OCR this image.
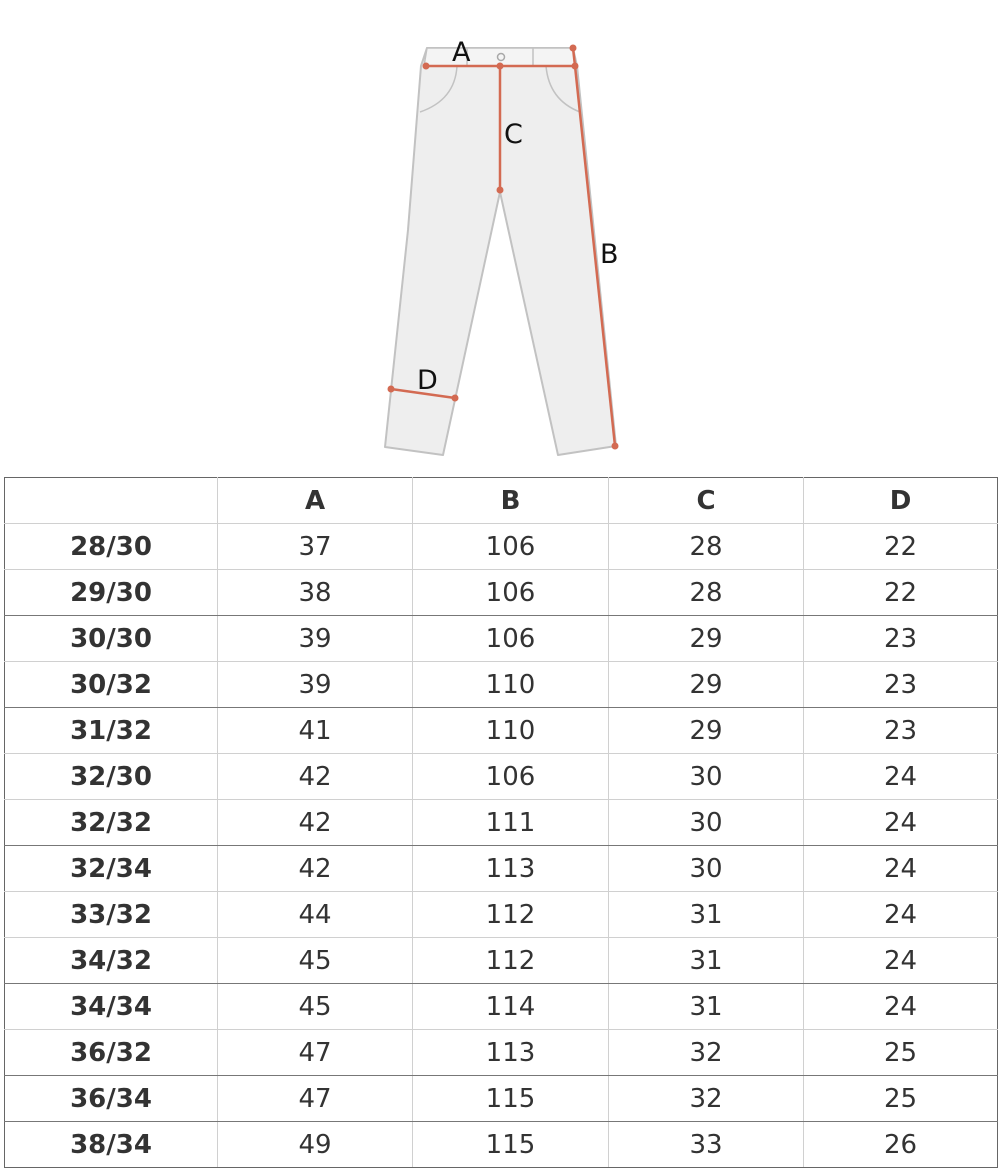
A
C
B
D
	A	B	C	D
28/30	37	106	28	22
29/30	38	106	28	22
30/30	39	106	29	23
30/32	39	110	29	23
31/32	41	110	29	23
32/30	42	106	30	24
32/32	42	111	30	24
32/34	42	113	30	24
33/32	44	112	31	24
34/32	45	112	31	24
34/34	45	114	31	24
36/32	47	113	32	25
36/34	47	115	32	25
38/34	49	115	33	26
